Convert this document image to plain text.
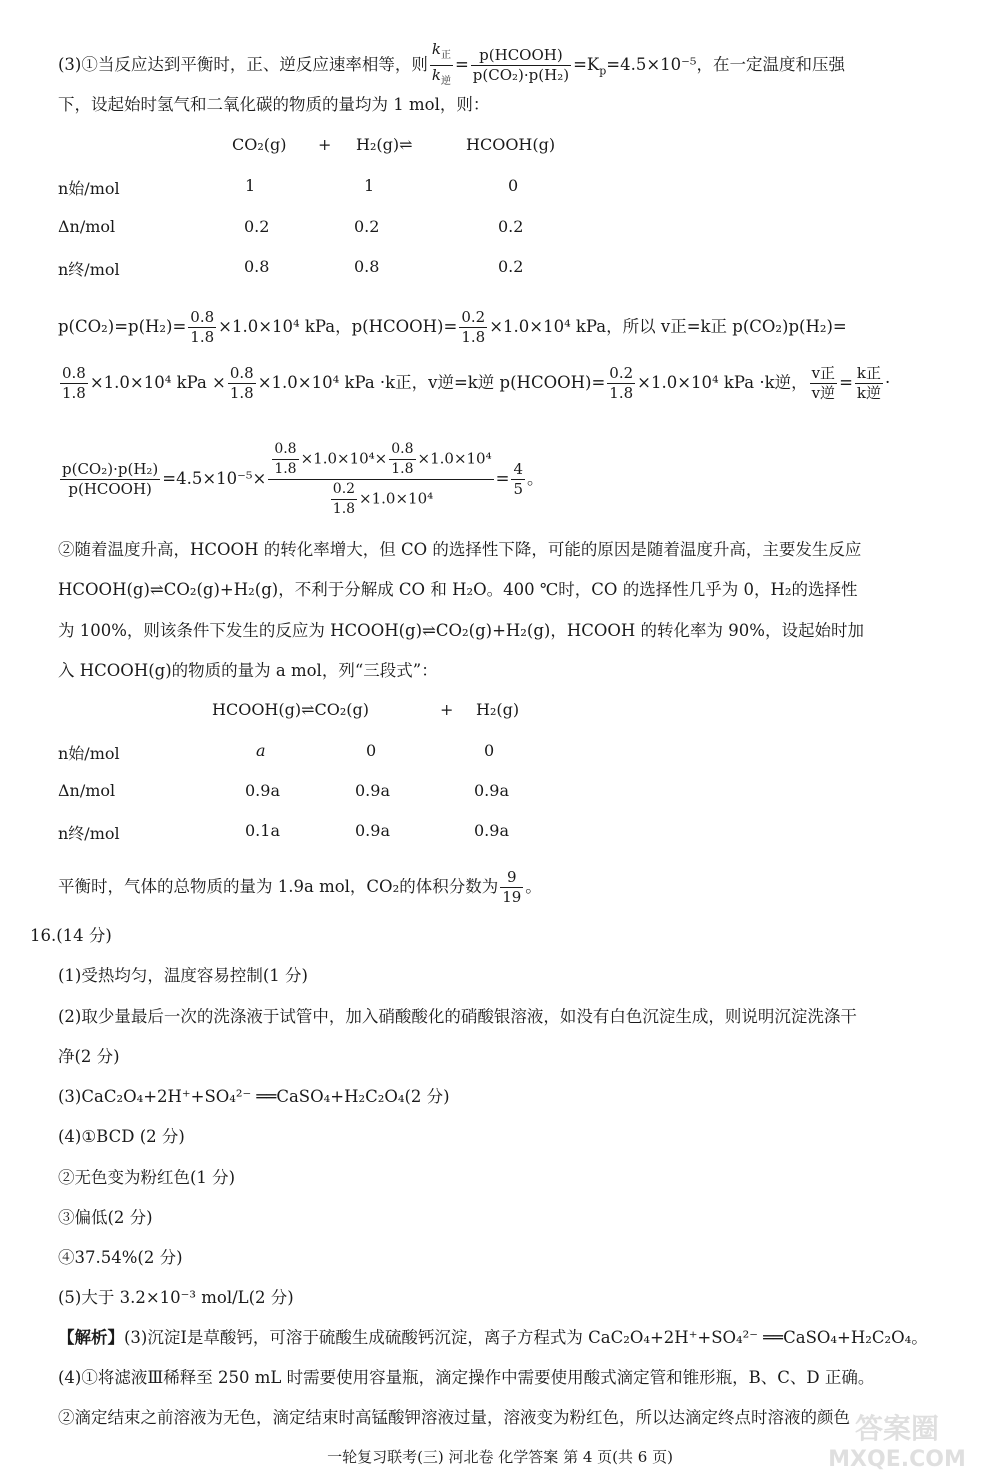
(3)①当反应达到平衡时，正、逆反应速率相等，则 $\frac{k_正}{k_逆} = \frac{\text{p(HCOOH)}}{\text{p(CO₂)·p(H₂)}} =K_p=4.5\times 10^{-5}$，在一定温度和压强
下，设起始时氢气和二氧化碳的物质的量均为 1 mol，则：
CO₂(g) + H₂(g)⇌	HCOOH(g)
n始/mol	1	1	0
Δn/mol	0.2	0.2	0.2
n终/mol	0.8	0.8	0.2
$p(CO_2)=p(H_2)= \frac{0.8}{1.8} \times 1.0\times 10^4$ kPa，p(HCOOH)= $\frac{0.2}{1.8} \times 1.0\times 10^4$ kPa，所以 v正=k正 p(CO₂)p(H₂)=
$\frac{0.8}{1.8} \times 1.0\times 10^4$ kPa × $\frac{0.8}{1.8} \times 1.0\times 10^4$ kPa ·k正，v逆=k逆 p(HCOOH)= $\frac{0.2}{1.8} \times 1.0\times 10^4$ kPa ·k逆， $\frac{\text{v正}}{\text{v逆}} = \frac{\text{k正}}{\text{k逆}}$ ·
$\frac{\text{p(CO₂)·p(H₂)}}{\text{p(HCOOH)}} =4.5\times 10^{-5}\times \frac{\frac{0.8}{1.8} \times 1.0\times 10^4\times \frac{0.8}{1.8} \times 1.0\times 10^4}{\frac{0.2}{1.8} \times 1.0\times 10^4} = \frac{4}{5}$ 。
②随着温度升高，HCOOH 的转化率增大，但 CO 的选择性下降，可能的原因是随着温度升高，主要发生反应
HCOOH(g)⇌CO₂(g)+H₂(g)，不利于分解成 CO 和 H₂O。400 ℃时，CO 的选择性几乎为 0，H₂的选择性
为 100%，则该条件下发生的反应为 HCOOH(g)⇌CO₂(g)+H₂(g)，HCOOH 的转化率为 90%，设起始时加
入 HCOOH(g)的物质的量为 a mol，列“三段式”：
HCOOH(g)⇌CO₂(g)	+ H₂(g)
n始/mol	a	0	0
Δn/mol	0.9a	0.9a	0.9a
n终/mol	0.1a	0.9a	0.9a
平衡时，气体的总物质的量为 1.9a mol，CO₂的体积分数为 $\frac{9}{19}$ 。
16.(14 分)
(1)受热均匀，温度容易控制(1 分)
(2)取少量最后一次的洗涤液于试管中，加入硝酸酸化的硝酸银溶液，如没有白色沉淀生成，则说明沉淀洗涤干
净(2 分)
(3)CaC₂O₄+2H⁺+SO₄²⁻ ══CaSO₄+H₂C₂O₄(2 分)
(4)①BCD (2 分)
②无色变为粉红色(1 分)
③偏低(2 分)
④37.54%(2 分)
(5)大于 3.2×10⁻³ mol/L(2 分)
【解析】(3)沉淀Ⅰ是草酸钙，可溶于硫酸生成硫酸钙沉淀，离子方程式为 CaC₂O₄+2H⁺+SO₄²⁻ ══CaSO₄+H₂C₂O₄。
(4)①将滤液Ⅲ稀释至 250 mL 时需要使用容量瓶，滴定操作中需要使用酸式滴定管和锥形瓶，B、C、D 正确。
②滴定结束之前溶液为无色，滴定结束时高锰酸钾溶液过量，溶液变为粉红色，所以达滴定终点时溶液的颜色
一轮复习联考(三) 河北卷 化学答案 第 4 页(共 6 页)
答案圈
MXQE.COM
